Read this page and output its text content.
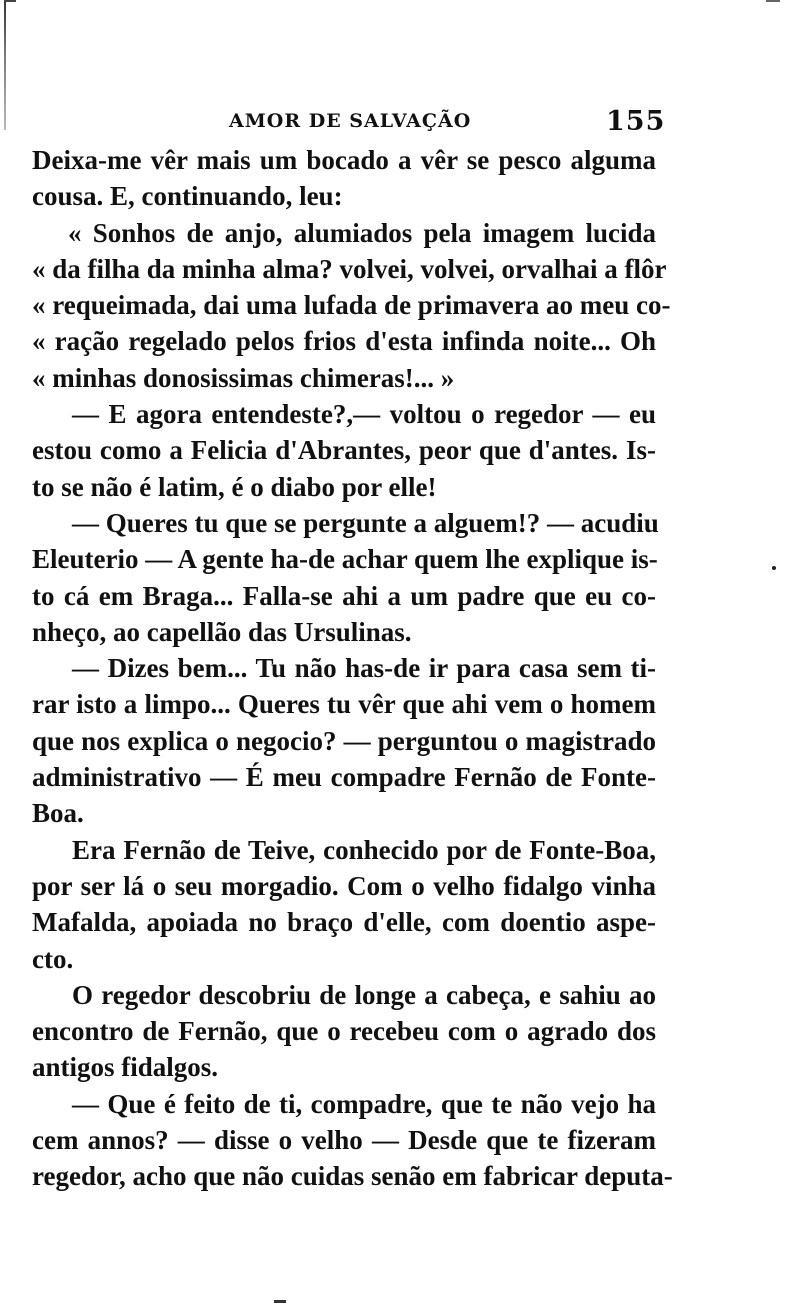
AMOR DE SALVAÇÃO	155
Deixa-me vêr mais um bocado a vêr se pesco alguma
cousa. E, continuando, leu:
« Sonhos de anjo, alumiados pela imagem lucida
« da filha da minha alma? volvei, volvei, orvalhai a flôr
« requeimada, dai uma lufada de primavera ao meu co-
« ração regelado pelos frios d'esta infinda noite... Oh
« minhas donosissimas chimeras!... »
— E agora entendeste?,— voltou o regedor — eu
estou como a Felicia d'Abrantes, peor que d'antes. Is-
to se não é latim, é o diabo por elle!
— Queres tu que se pergunte a alguem!? — acudiu
Eleuterio — A gente ha-de achar quem lhe explique is-
to cá em Braga... Falla-se ahi a um padre que eu co-
nheço, ao capellão das Ursulinas.
— Dizes bem... Tu não has-de ir para casa sem ti-
rar isto a limpo... Queres tu vêr que ahi vem o homem
que nos explica o negocio? — perguntou o magistrado
administrativo — É meu compadre Fernão de Fonte-
Boa.
Era Fernão de Teive, conhecido por de Fonte-Boa,
por ser lá o seu morgadio. Com o velho fidalgo vinha
Mafalda, apoiada no braço d'elle, com doentio aspe-
cto.
O regedor descobriu de longe a cabeça, e sahiu ao
encontro de Fernão, que o recebeu com o agrado dos
antigos fidalgos.
— Que é feito de ti, compadre, que te não vejo ha
cem annos? — disse o velho — Desde que te fizeram
regedor, acho que não cuidas senão em fabricar deputa-
